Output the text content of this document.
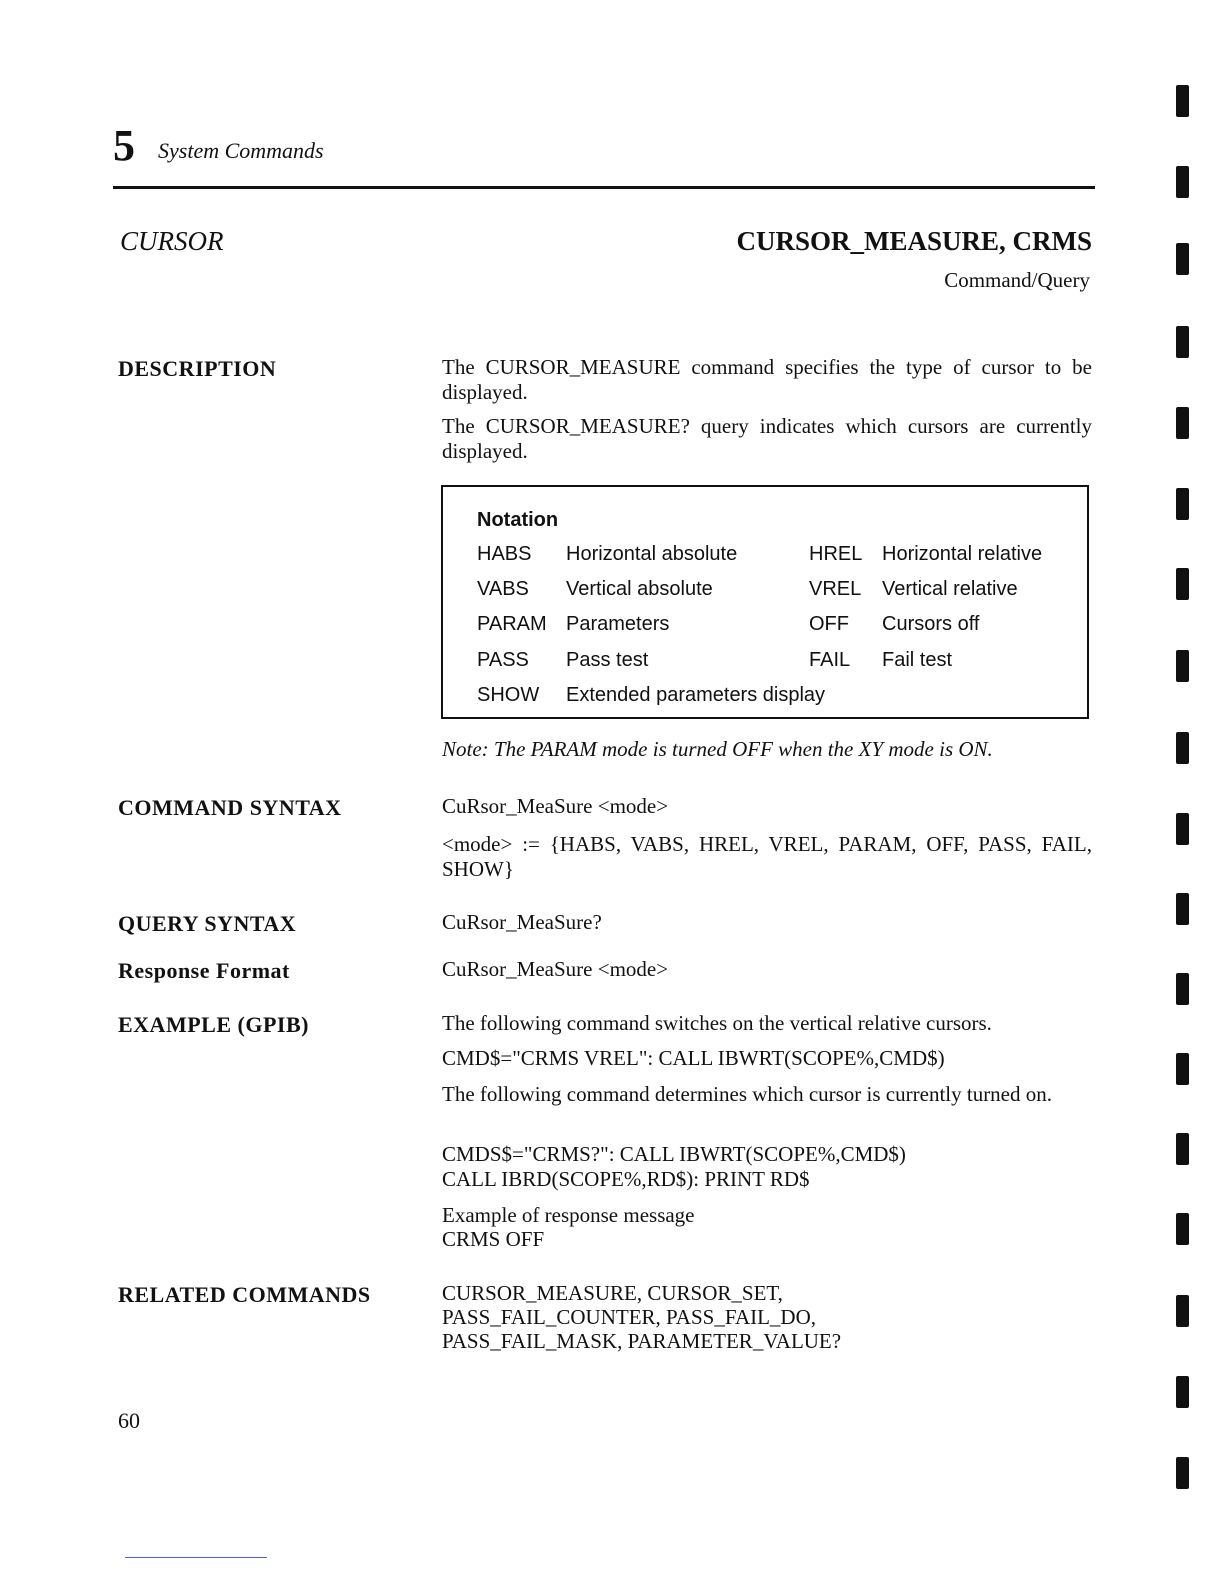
5 System Commands
CURSOR	CURSOR_MEASURE, CRMS
Command/Query
DESCRIPTION	The CURSOR_MEASURE command specifies the type of cursor to be displayed.
The CURSOR_MEASURE? query indicates which cursors are currently displayed.
Notation
HABS Horizontal absolute	HREL Horizontal relative
VABS Vertical absolute	VREL Vertical relative
PARAM Parameters	OFF Cursors off
PASS Pass test	FAIL Fail test
SHOW Extended parameters display
Note: The PARAM mode is turned OFF when the XY mode is ON.
COMMAND SYNTAX	CuRsor_MeaSure <mode>
<mode> := {HABS, VABS, HREL, VREL, PARAM, OFF, PASS, FAIL, SHOW}
QUERY SYNTAX	CuRsor_MeaSure?
Response Format	CuRsor_MeaSure <mode>
EXAMPLE (GPIB)	The following command switches on the vertical relative cursors.
CMD$="CRMS VREL": CALL IBWRT(SCOPE%,CMD$)
The following command determines which cursor is currently turned on.
CMDS$="CRMS?": CALL IBWRT(SCOPE%,CMD$)
CALL IBRD(SCOPE%,RD$): PRINT RD$
Example of response message
CRMS OFF
RELATED COMMANDS	CURSOR_MEASURE, CURSOR_SET,
PASS_FAIL_COUNTER, PASS_FAIL_DO,
PASS_FAIL_MASK, PARAMETER_VALUE?
60
